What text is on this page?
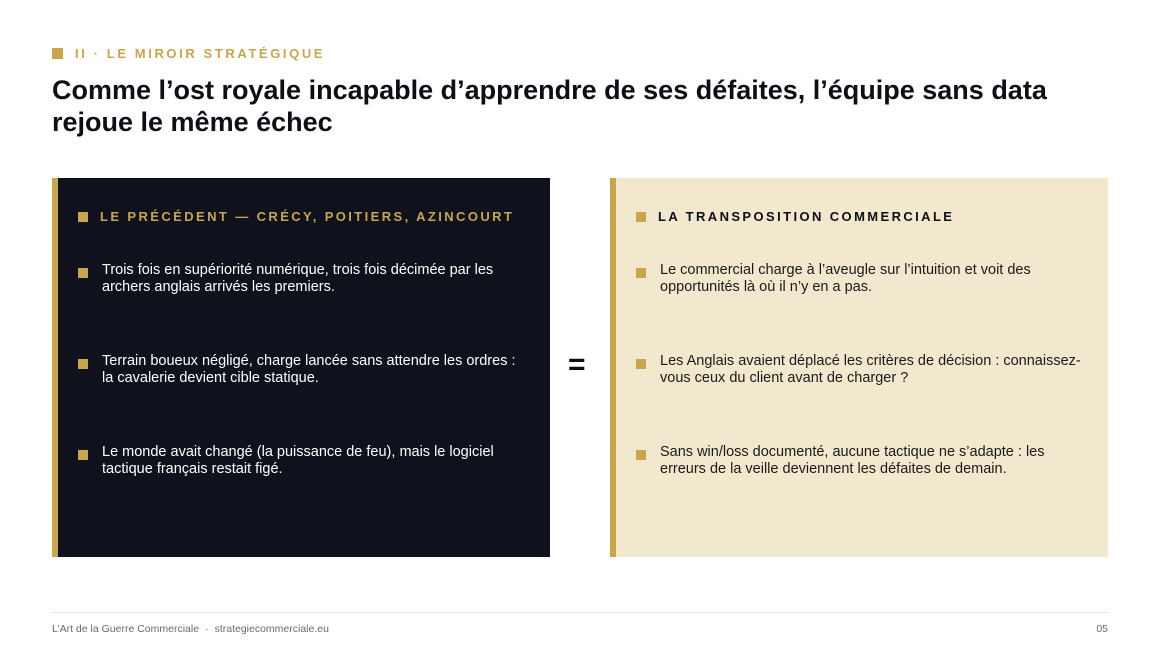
II · LE MIROIR STRATÉGIQUE
Comme l’ost royale incapable d’apprendre de ses défaites, l’équipe sans data rejoue le même échec
LE PRÉCÉDENT — CRÉCY, POITIERS, AZINCOURT
Trois fois en supériorité numérique, trois fois décimée par les archers anglais arrivés les premiers.
Terrain boueux négligé, charge lancée sans attendre les ordres : la cavalerie devient cible statique.
Le monde avait changé (la puissance de feu), mais le logiciel tactique français restait figé.
=
LA TRANSPOSITION COMMERCIALE
Le commercial charge à l’aveugle sur l’intuition et voit des opportunités là où il n’y en a pas.
Les Anglais avaient déplacé les critères de décision : connaissez-vous ceux du client avant de charger ?
Sans win/loss documenté, aucune tactique ne s’adapte : les erreurs de la veille deviennent les défaites de demain.
L’Art de la Guerre Commerciale · strategiecommerciale.eu	05
